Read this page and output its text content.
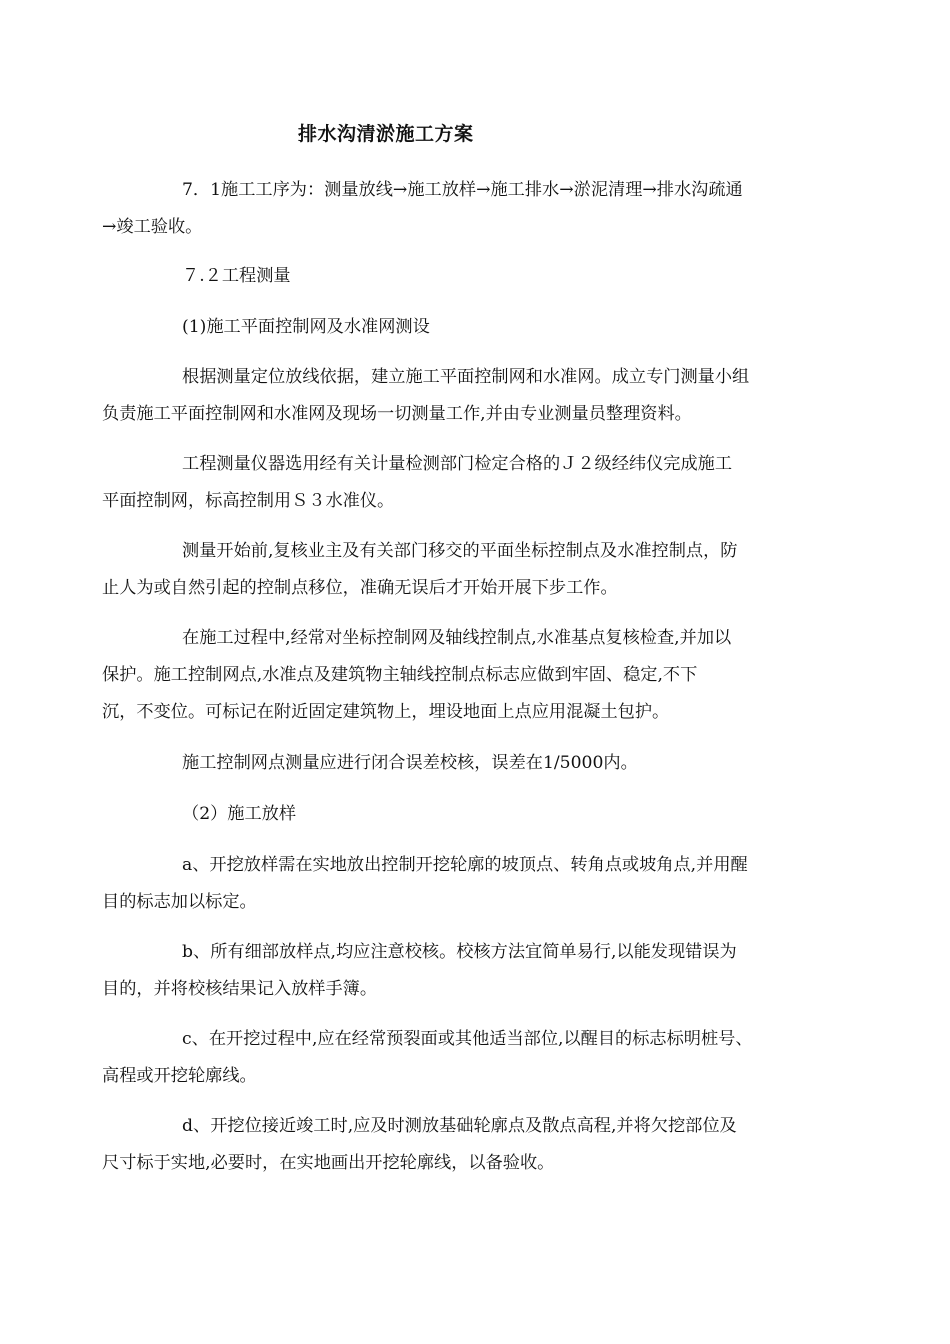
排水沟清淤施工方案
7．1施工工序为：测量放线→施工放样→施工排水→淤泥清理→排水沟疏通
→竣工验收。
７.２工程测量
(1)施工平面控制网及水准网测设
根据测量定位放线依据，建立施工平面控制网和水准网。成立专门测量小组
负责施工平面控制网和水准网及现场一切测量工作,并由专业测量员整理资料。
工程测量仪器选用经有关计量检测部门检定合格的Ｊ２级经纬仪完成施工
平面控制网，标高控制用Ｓ３水准仪。
测量开始前,复核业主及有关部门移交的平面坐标控制点及水准控制点，防
止人为或自然引起的控制点移位，准确无误后才开始开展下步工作。
在施工过程中,经常对坐标控制网及轴线控制点,水准基点复核检查,并加以
保护。施工控制网点,水准点及建筑物主轴线控制点标志应做到牢固、稳定,不下
沉，不变位。可标记在附近固定建筑物上，埋设地面上点应用混凝土包护。
施工控制网点测量应进行闭合误差校核，误差在1/5000内。
（2）施工放样
a、开挖放样需在实地放出控制开挖轮廓的坡顶点、转角点或坡角点,并用醒
目的标志加以标定。
b、所有细部放样点,均应注意校核。校核方法宜简单易行,以能发现错误为
目的，并将校核结果记入放样手簿。
c、在开挖过程中,应在经常预裂面或其他适当部位,以醒目的标志标明桩号、
高程或开挖轮廓线。
d、开挖位接近竣工时,应及时测放基础轮廓点及散点高程,并将欠挖部位及
尺寸标于实地,必要时，在实地画出开挖轮廓线，以备验收。
